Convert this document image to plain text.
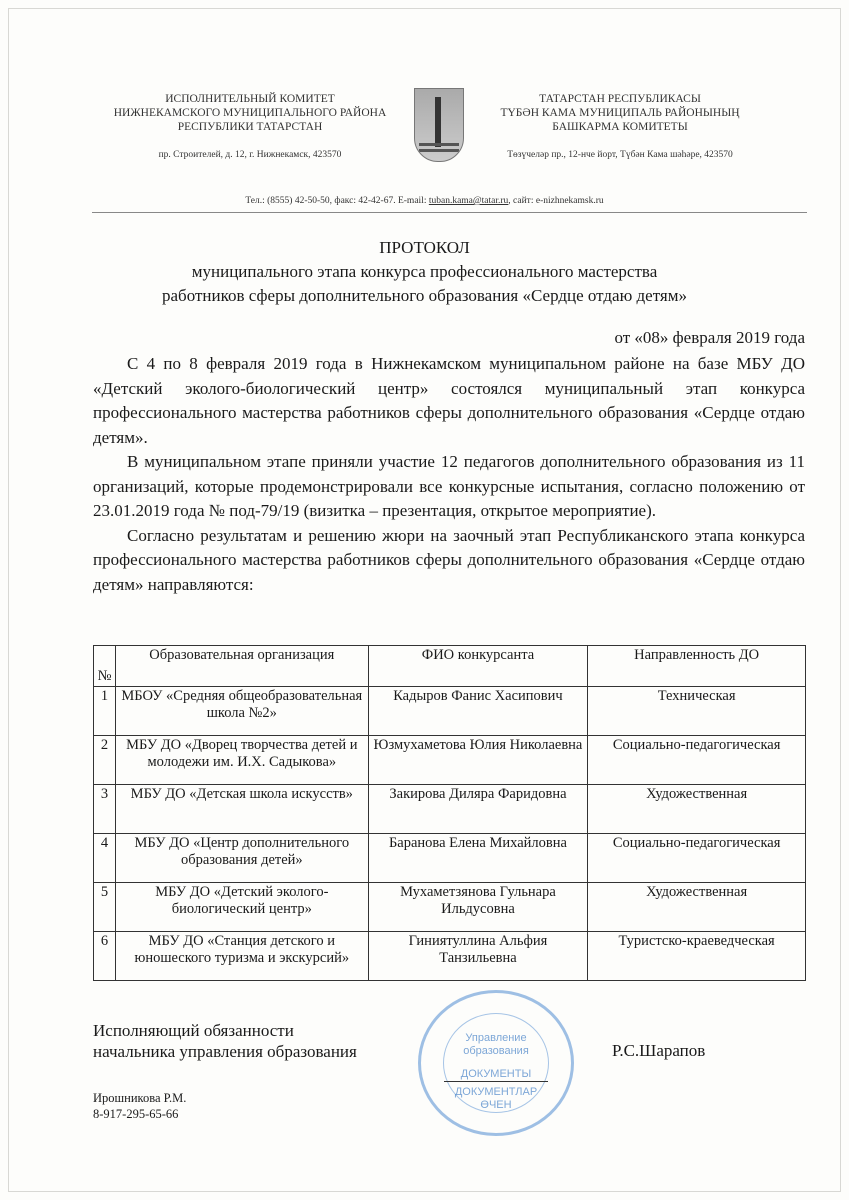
ИСПОЛНИТЕЛЬНЫЙ КОМИТЕТ
НИЖНЕКАМСКОГО МУНИЦИПАЛЬНОГО РАЙОНА
РЕСПУБЛИКИ ТАТАРСТАН
пр. Строителей, д. 12, г. Нижнекамск, 423570
ТАТАРСТАН РЕСПУБЛИКАСЫ
ТҮБӘН КАМА МУНИЦИПАЛЬ РАЙОНЫНЫҢ
БАШКАРМА КОМИТЕТЫ
Төзүчеләр пр., 12-нче йорт, Түбән Кама шәһәре, 423570
Тел.: (8555) 42-50-50, факс: 42-42-67. E-mail: tuban.kama@tatar.ru, сайт: e-nizhnekamsk.ru
ПРОТОКОЛ
муниципального этапа конкурса профессионального мастерства
работников сферы дополнительного образования «Сердце отдаю детям»
от «08» февраля 2019 года

С 4 по 8 февраля 2019 года в Нижнекамском муниципальном районе на базе МБУ ДО «Детский эколого-биологический центр» состоялся муниципальный этап конкурса профессионального мастерства работников сферы дополнительного образования «Сердце отдаю детям».

В муниципальном этапе приняли участие 12 педагогов дополнительного образования из 11 организаций, которые продемонстрировали все конкурсные испытания, согласно положению от 23.01.2019 года № под-79/19 (визитка – презентация, открытое мероприятие).

Согласно результатам и решению жюри на заочный этап Республиканского этапа конкурса профессионального мастерства работников сферы дополнительного образования «Сердце отдаю детям» направляются:

№	Образовательная организация	ФИО конкурсанта	Направленность ДО
1	МБОУ «Средняя общеобразовательная школа №2»	Кадыров Фанис Хасипович	Техническая
2	МБУ ДО «Дворец творчества детей и молодежи им. И.Х. Садыкова»	Юзмухаметова Юлия Николаевна	Социально-педагогическая
3	МБУ ДО «Детская школа искусств»	Закирова Диляра Фаридовна	Художественная
4	МБУ ДО «Центр дополнительного образования детей»	Баранова Елена Михайловна	Социально-педагогическая
5	МБУ ДО «Детский эколого-биологический центр»	Мухаметзянова Гульнара Ильдусовна	Художественная
6	МБУ ДО «Станция детского и юношеского туризма и экскурсий»	Гиниятуллина Альфия Танзильевна	Туристско-краеведческая
Исполняющий обязанности
начальника управления образования
Управление образования
ДОКУМЕНТЫ
ДОКУМЕНТЛАР ӨЧЕН
Р.С.Шарапов
Ирошникова Р.М.
8-917-295-65-66
